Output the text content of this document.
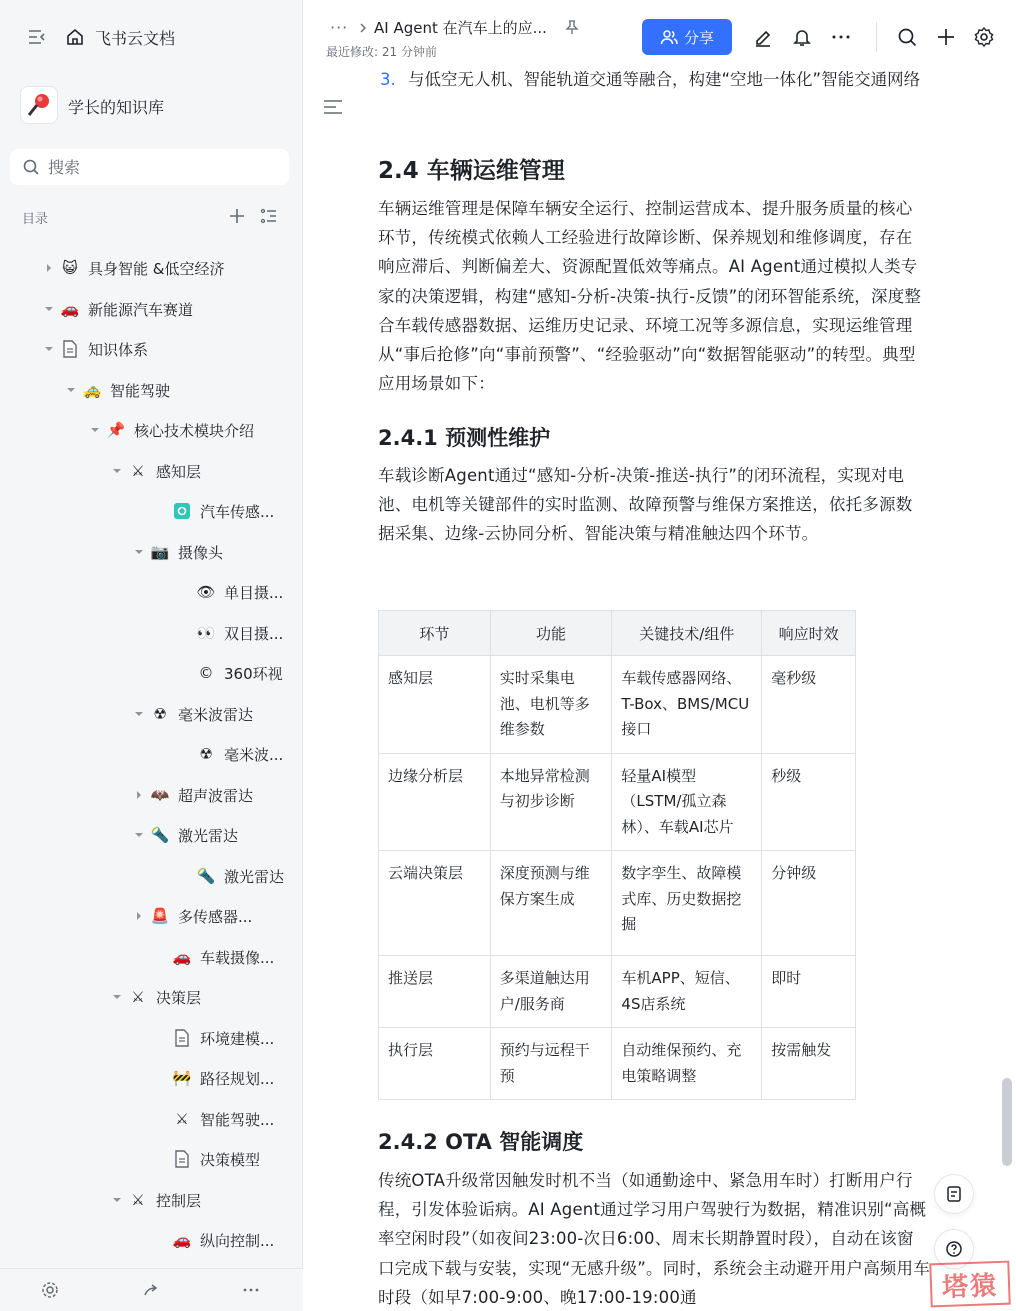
飞书云文档
学长的知识库
搜索
目录
😺 具身智能 &低空经济
🚗 新能源汽车赛道
知识体系
🚕 智能驾驶
📌 核心技术模块介绍
⚔ 感知层
汽车传感...
📷 摄像头
👁 单目摄...
👀 双目摄...
© 360环视
☢ 毫米波雷达
☢ 毫米波...
🦇 超声波雷达
🔦 激光雷达
🔦 激光雷达
🚨 多传感器...
🚗 车载摄像...
⚔ 决策层
环境建模...
🚧 路径规划...
⚔ 智能驾驶...
决策模型
⚔ 控制层
🚗 纵向控制...
··· AI Agent 在汽车上的应...
最近修改: 21 分钟前
分享
3. 与低空无人机、智能轨道交通等融合，构建“空地一体化”智能交通网络
2.4 车辆运维管理

车辆运维管理是保障车辆安全运行、控制运营成本、提升服务质量的核心环节，传统模式依赖人工经验进行故障诊断、保养规划和维修调度，存在响应滞后、判断偏差大、资源配置低效等痛点。AI Agent通过模拟人类专家的决策逻辑，构建“感知-分析-决策-执行-反馈”的闭环智能系统，深度整合车载传感器数据、运维历史记录、环境工况等多源信息，实现运维管理从“事后抢修”向“事前预警”、“经验驱动”向“数据智能驱动”的转型。典型应用场景如下：

2.4.1 预测性维护

车载诊断Agent通过“感知-分析-决策-推送-执行”的闭环流程，实现对电池、电机等关键部件的实时监测、故障预警与维保方案推送，依托多源数据采集、边缘-云协同分析、智能决策与精准触达四个环节。

环节	功能	关键技术/组件	响应时效
感知层	实时采集电池、电机等多维参数	车载传感器网络、T-Box、BMS/MCU接口	毫秒级
边缘分析层	本地异常检测与初步诊断	轻量AI模型（LSTM/孤立森林）、车载AI芯片	秒级
云端决策层	深度预测与维保方案生成	数字孪生、故障模式库、历史数据挖掘	分钟级
推送层	多渠道触达用户/服务商	车机APP、短信、4S店系统	即时
执行层	预约与远程干预	自动维保预约、充电策略调整	按需触发
2.4.2 OTA 智能调度

传统OTA升级常因触发时机不当（如通勤途中、紧急用车时）打断用户行程，引发体验诟病。AI Agent通过学习用户驾驶行为数据，精准识别“高概率空闲时段”（如夜间23:00-次日6:00、周末长期静置时段），自动在该窗口完成下载与安装，实现“无感升级”。同时，系统会主动避开用户高频用车时段（如早7:00-9:00、晚17:00-19:00通	塔猿
